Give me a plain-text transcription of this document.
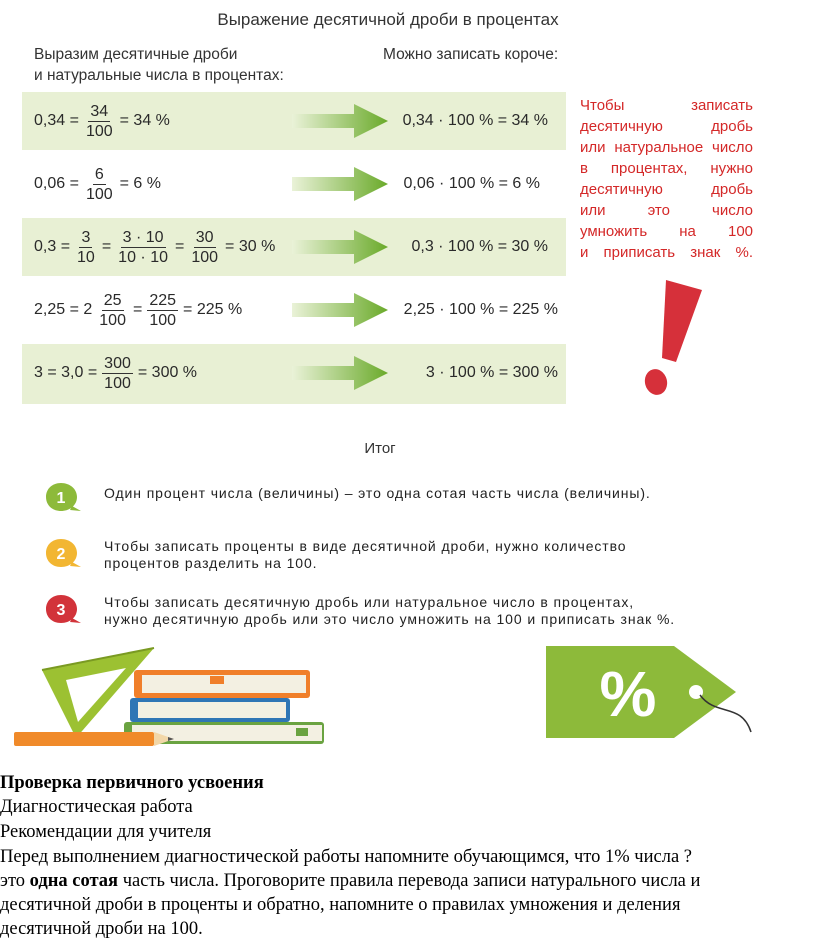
Выражение десятичной дроби в процентах
Выразим десятичные дроби
и натуральные числа в процентах:
Можно записать короче:
$0,34 = \frac{34}{100} = 34$ %	0,34 · 100 % = 34 %
$0,06 = \frac{6}{100} = 6$ %	0,06 · 100 % = 6 %
$0,3 = \frac{3}{10} = \frac{3 \cdot 10}{10 \cdot 10} = \frac{30}{100} = 30$ %	0,3 · 100 % = 30 %
$2,25 = 2 \frac{25}{100} = \frac{225}{100} = 225$ %	2,25 · 100 % = 225 %
$3 = 3,0 = \frac{300}{100} = 300$ %	3 · 100 % = 300 %
Чтобы записать
десятичную дробь
или натуральное число
в процентах, нужно
десятичную дробь
или это число
умножить на 100
и приписать знак %.
Итог
1	Один процент числа (величины) – это одна сотая часть числа (величины).
2	Чтобы записать проценты в виде десятичной дроби, нужно количество
процентов разделить на 100.
3	Чтобы записать десятичную дробь или натуральное число в процентах,
нужно десятичную дробь или это число умножить на 100 и приписать знак %.
%
Проверка первичного усвоения
Диагностическая работа
Рекомендации для учителя
Перед выполнением диагностической работы напомните обучающимся, что 1% числа ?
это одна сотая часть числа. Проговорите правила перевода записи натурального числа и
десятичной дроби в проценты и обратно, напомните о правилах умножения и деления
десятичной дроби на 100.
